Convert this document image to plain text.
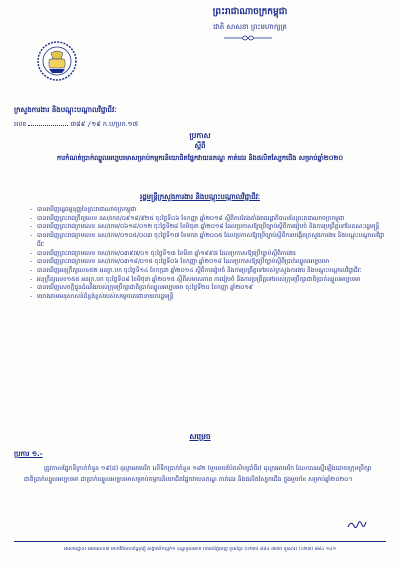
ព្រះរាជាណាចក្រកម្ពុជា
ជាតិ សាសនា ព្រះមហាក្សត្រ
ក្រសួងការងារ និងបណ្តុះបណ្តាលវិជ្ជាជីវៈ
លេខ	៣៨៩ /១៩ ក.ប/ប្រក.១៧
ប្រកាស
ស្តីពី
ការកំណត់ប្រាក់ឈ្នួលអប្បបរមាសម្រាប់កម្មករនិយោជិតផ្នែកវាយនភណ្ឌ កាត់ដេរ និងផលិតស្បែកជើង សម្រាប់ឆ្នាំ២០២០
រដ្ឋមន្ត្រីក្រសួងការងារ និងបណ្តុះបណ្តាលវិជ្ជាជីវៈ
- បានឃើញរដ្ឋធម្មនុញ្ញនៃព្រះរាជាណាចក្រកម្ពុជា
- បានឃើញព្រះរាជក្រឹត្យលេខ នស/រកត/០៩១៨/៩២៥ ចុះថ្ងៃទី០៦ ខែកញ្ញា ឆ្នាំ២០១៨ ស្តីពីការតែងតាំងរាជរដ្ឋាភិបាលនៃព្រះរាជាណាចក្រកម្ពុជា
- បានឃើញព្រះរាជក្រមលេខ នស/រកម/០៦១៨/០១២ ចុះថ្ងៃទី២៨ ខែមិថុនា ឆ្នាំ២០១៨ ដែលប្រកាសឱ្យប្រើច្បាប់ស្តីពីការរៀបចំ និងការប្រព្រឹត្តទៅនៃគណៈរដ្ឋមន្ត្រី
- បានឃើញព្រះរាជក្រមលេខ នស/រកម/០១០៥/០០៣ ចុះថ្ងៃទី១៧ ខែមករា ឆ្នាំ២០០៥ ដែលប្រកាសឱ្យប្រើច្បាប់ស្តីពីការបង្កើតក្រសួងការងារ និងបណ្តុះបណ្តាលវិជ្ជាជីវៈ
- បានឃើញព្រះរាជក្រមលេខ ចស/រកម/០៣៩៧/០១ ចុះថ្ងៃទី១៣ ខែមីនា ឆ្នាំ១៩៩៧ ដែលប្រកាសឱ្យប្រើច្បាប់ស្តីពីការងារ
- បានឃើញព្រះរាជក្រមលេខ នស/រកម/០៣១៨/០១៥ ចុះថ្ងៃទី០៦ ខែកញ្ញា ឆ្នាំ២០១៨ ដែលប្រកាសឱ្យប្រើច្បាប់ស្តីពីប្រាក់ឈ្នួលអប្បបរមា
- បានឃើញអនុក្រឹត្យលេខ៥២ អនក្រ.បក ចុះថ្ងៃទី១៤ ខែកក្កដា ឆ្នាំ២០១៤ ស្តីពីការរៀបចំ និងការប្រព្រឹត្តទៅរបស់ក្រសួងការងារ និងបណ្តុះបណ្តាលវិជ្ជាជីវៈ
- អនុក្រឹត្យលេខ១៥៥ អនក្រ.បក ចុះថ្ងៃទី០៨ ខែមិថុនា ឆ្នាំ២០១៥ ស្តីពីសមាសភាព ការរៀបចំ និងការប្រព្រឹត្តទៅរបស់ក្រុមប្រឹក្សាជាតិប្រាក់ឈ្នួលអប្បបរមា
- បានឃើញសេចក្តីជូនដំណឹងរបស់ក្រុមប្រឹក្សាជាតិប្រាក់ឈ្នួលអប្បបរមា ចុះថ្ងៃទី២០ ខែកញ្ញា ឆ្នាំ២០១៩
- យោងតាមអនុសាសន៍ដ៏ខ្ពង់ខ្ពស់របស់សម្តេចតេជោនាយករដ្ឋមន្ត្រី
សម្រេច
ប្រការ ១.-
ត្រូវកាលផ្នែកទីក្រាក់ចំនួន ១៩(ផ) ដុល្លារអាមេរិក លើទឹកប្រាក់ចំនួន ១៨២ (មួយរយប៉ែតសិបប្រាំពីរ) ដុល្លារអាមេរិក ដែលបានស្នើឡើងដោយក្រុមប្រឹក្សាជាតិប្រាក់ឈ្នួលអប្បបរមា ជាប្រាក់ឈ្នួលអប្បបរមាសម្រាប់កម្មករនិយោជិតផ្នែកវាយនភណ្ឌ កាត់ដេរ និងផលិតស្បែកជើង ក្នុងមួយខែ សម្រាប់ឆ្នាំ២០២០។
អាសយដ្ឋាន៖ អគារលេខ៣ មហាវិថីសហព័ន្ធរុស្ស៊ី សង្កាត់ទឹកល្អក់១ ខណ្ឌទួលគោក រាជធានីភ្នំពេញ ទូរស័ព្ទ៖ (០២៣) ៨៨៤ ៣៧៥ ទូរសារ៖ (០២៣) ៨៨៤ ១៤១
